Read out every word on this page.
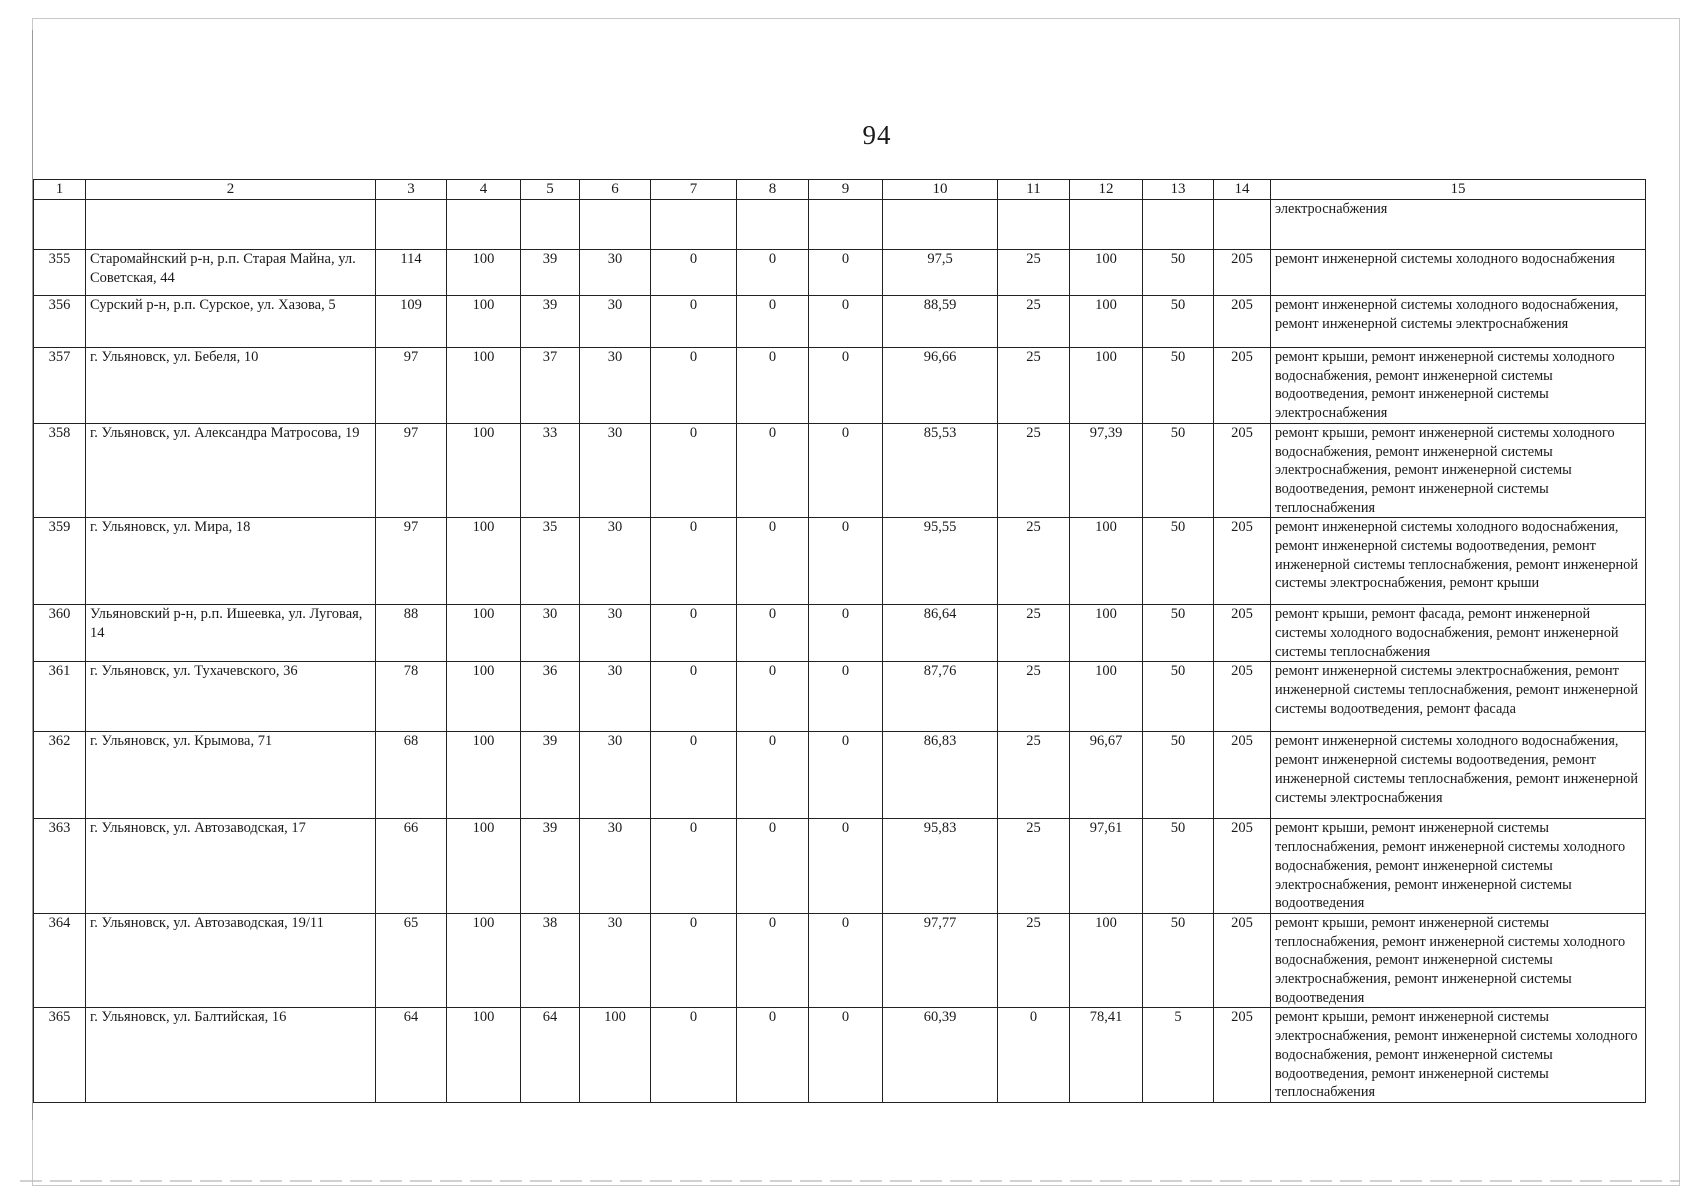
94
1	2	3	4	5	6	7	8	9	10	11	12	13	14	15
														электроснабжения
355	Старомайнский р-н, р.п. Старая Майна, ул. Советская, 44	114	100	39	30	0	0	0	97,5	25	100	50	205	ремонт инженерной системы холодного водоснабжения
356	Сурский р-н, р.п. Сурское, ул. Хазова, 5	109	100	39	30	0	0	0	88,59	25	100	50	205	ремонт инженерной системы холодного водоснабжения, ремонт инженерной системы электроснабжения
357	г. Ульяновск, ул. Бебеля, 10	97	100	37	30	0	0	0	96,66	25	100	50	205	ремонт крыши, ремонт инженерной системы холодного водоснабжения, ремонт инженерной системы водоотведения, ремонт инженерной системы электроснабжения
358	г. Ульяновск, ул. Александра Матросова, 19	97	100	33	30	0	0	0	85,53	25	97,39	50	205	ремонт крыши, ремонт инженерной системы холодного водоснабжения, ремонт инженерной системы электроснабжения, ремонт инженерной системы водоотведения, ремонт инженерной системы теплоснабжения
359	г. Ульяновск, ул. Мира, 18	97	100	35	30	0	0	0	95,55	25	100	50	205	ремонт инженерной системы холодного водоснабжения, ремонт инженерной системы водоотведения, ремонт инженерной системы теплоснабжения, ремонт инженерной системы электроснабжения, ремонт крыши
360	Ульяновский р-н, р.п. Ишеевка, ул. Луговая, 14	88	100	30	30	0	0	0	86,64	25	100	50	205	ремонт крыши, ремонт фасада, ремонт инженерной системы холодного водоснабжения, ремонт инженерной системы теплоснабжения
361	г. Ульяновск, ул. Тухачевского, 36	78	100	36	30	0	0	0	87,76	25	100	50	205	ремонт инженерной системы электроснабжения, ремонт инженерной системы теплоснабжения, ремонт инженерной системы водоотведения, ремонт фасада
362	г. Ульяновск, ул. Крымова, 71	68	100	39	30	0	0	0	86,83	25	96,67	50	205	ремонт инженерной системы холодного водоснабжения, ремонт инженерной системы водоотведения, ремонт инженерной системы теплоснабжения, ремонт инженерной системы электроснабжения
363	г. Ульяновск, ул. Автозаводская, 17	66	100	39	30	0	0	0	95,83	25	97,61	50	205	ремонт крыши, ремонт инженерной системы теплоснабжения, ремонт инженерной системы холодного водоснабжения, ремонт инженерной системы электроснабжения, ремонт инженерной системы водоотведения
364	г. Ульяновск, ул. Автозаводская, 19/11	65	100	38	30	0	0	0	97,77	25	100	50	205	ремонт крыши, ремонт инженерной системы теплоснабжения, ремонт инженерной системы холодного водоснабжения, ремонт инженерной системы электроснабжения, ремонт инженерной системы водоотведения
365	г. Ульяновск, ул. Балтийская, 16	64	100	64	100	0	0	0	60,39	0	78,41	5	205	ремонт крыши, ремонт инженерной системы электроснабжения, ремонт инженерной системы холодного водоснабжения, ремонт инженерной системы водоотведения, ремонт инженерной системы теплоснабжения
